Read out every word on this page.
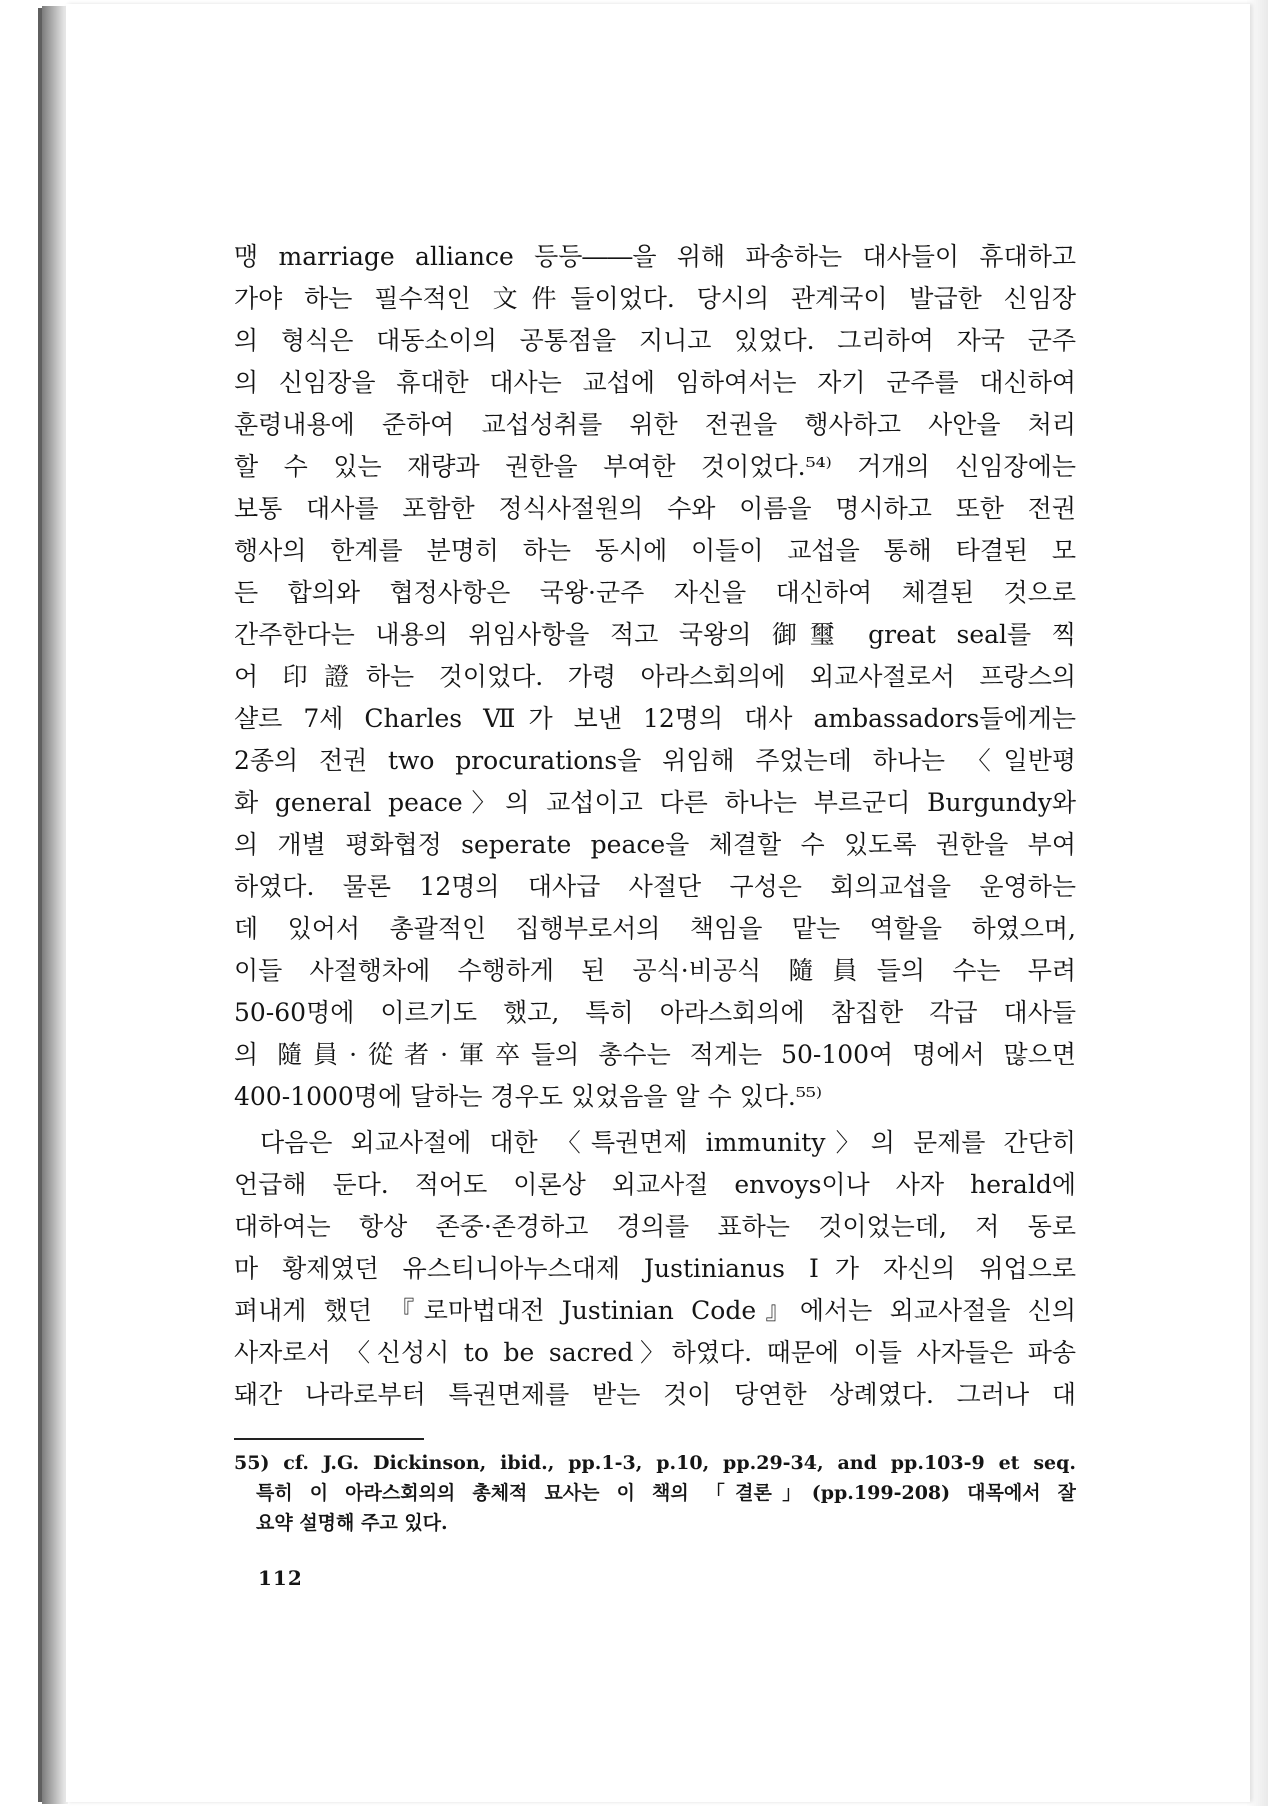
맹 marriage alliance 등등――을 위해 파송하는 대사들이 휴대하고
가야 하는 필수적인 文件들이었다. 당시의 관계국이 발급한 신임장
의 형식은 대동소이의 공통점을 지니고 있었다. 그리하여 자국 군주
의 신임장을 휴대한 대사는 교섭에 임하여서는 자기 군주를 대신하여
훈령내용에 준하여 교섭성취를 위한 전권을 행사하고 사안을 처리
할 수 있는 재량과 권한을 부여한 것이었다.⁵⁴⁾ 거개의 신임장에는
보통 대사를 포함한 정식사절원의 수와 이름을 명시하고 또한 전권
행사의 한계를 분명히 하는 동시에 이들이 교섭을 통해 타결된 모
든 합의와 협정사항은 국왕·군주 자신을 대신하여 체결된 것으로
간주한다는 내용의 위임사항을 적고 국왕의 御璽 great seal를 찍
어 印證하는 것이었다. 가령 아라스회의에 외교사절로서 프랑스의
샬르 7세 Charles Ⅶ가 보낸 12명의 대사 ambassadors들에게는
2종의 전권 two procurations을 위임해 주었는데 하나는 〈일반평
화 general peace〉의 교섭이고 다른 하나는 부르군디 Burgundy와
의 개별 평화협정 seperate peace을 체결할 수 있도록 권한을 부여
하였다. 물론 12명의 대사급 사절단 구성은 회의교섭을 운영하는
데 있어서 총괄적인 집행부로서의 책임을 맡는 역할을 하였으며,
이들 사절행차에 수행하게 된 공식·비공식 隨員들의 수는 무려
50-60명에 이르기도 했고, 특히 아라스회의에 참집한 각급 대사들
의 隨員·從者·軍卒들의 총수는 적게는 50-100여 명에서 많으면
400-1000명에 달하는 경우도 있었음을 알 수 있다.⁵⁵⁾
다음은 외교사절에 대한 〈특권면제 immunity〉의 문제를 간단히
언급해 둔다. 적어도 이론상 외교사절 envoys이나 사자 herald에
대하여는 항상 존중·존경하고 경의를 표하는 것이었는데, 저 동로
마 황제였던 유스티니아누스대제 Justinianus Ⅰ가 자신의 위업으로
펴내게 했던 『로마법대전 Justinian Code』에서는 외교사절을 신의
사자로서 〈신성시 to be sacred〉하였다. 때문에 이들 사자들은 파송
돼간 나라로부터 특권면제를 받는 것이 당연한 상례였다. 그러나 대
55) cf. J.G. Dickinson, ibid., pp.1-3, p.10, pp.29-34, and pp.103-9 et seq.
특히 이 아라스회의의 총체적 묘사는 이 책의 「결론」(pp.199-208) 대목에서 잘
요약 설명해 주고 있다.
112
